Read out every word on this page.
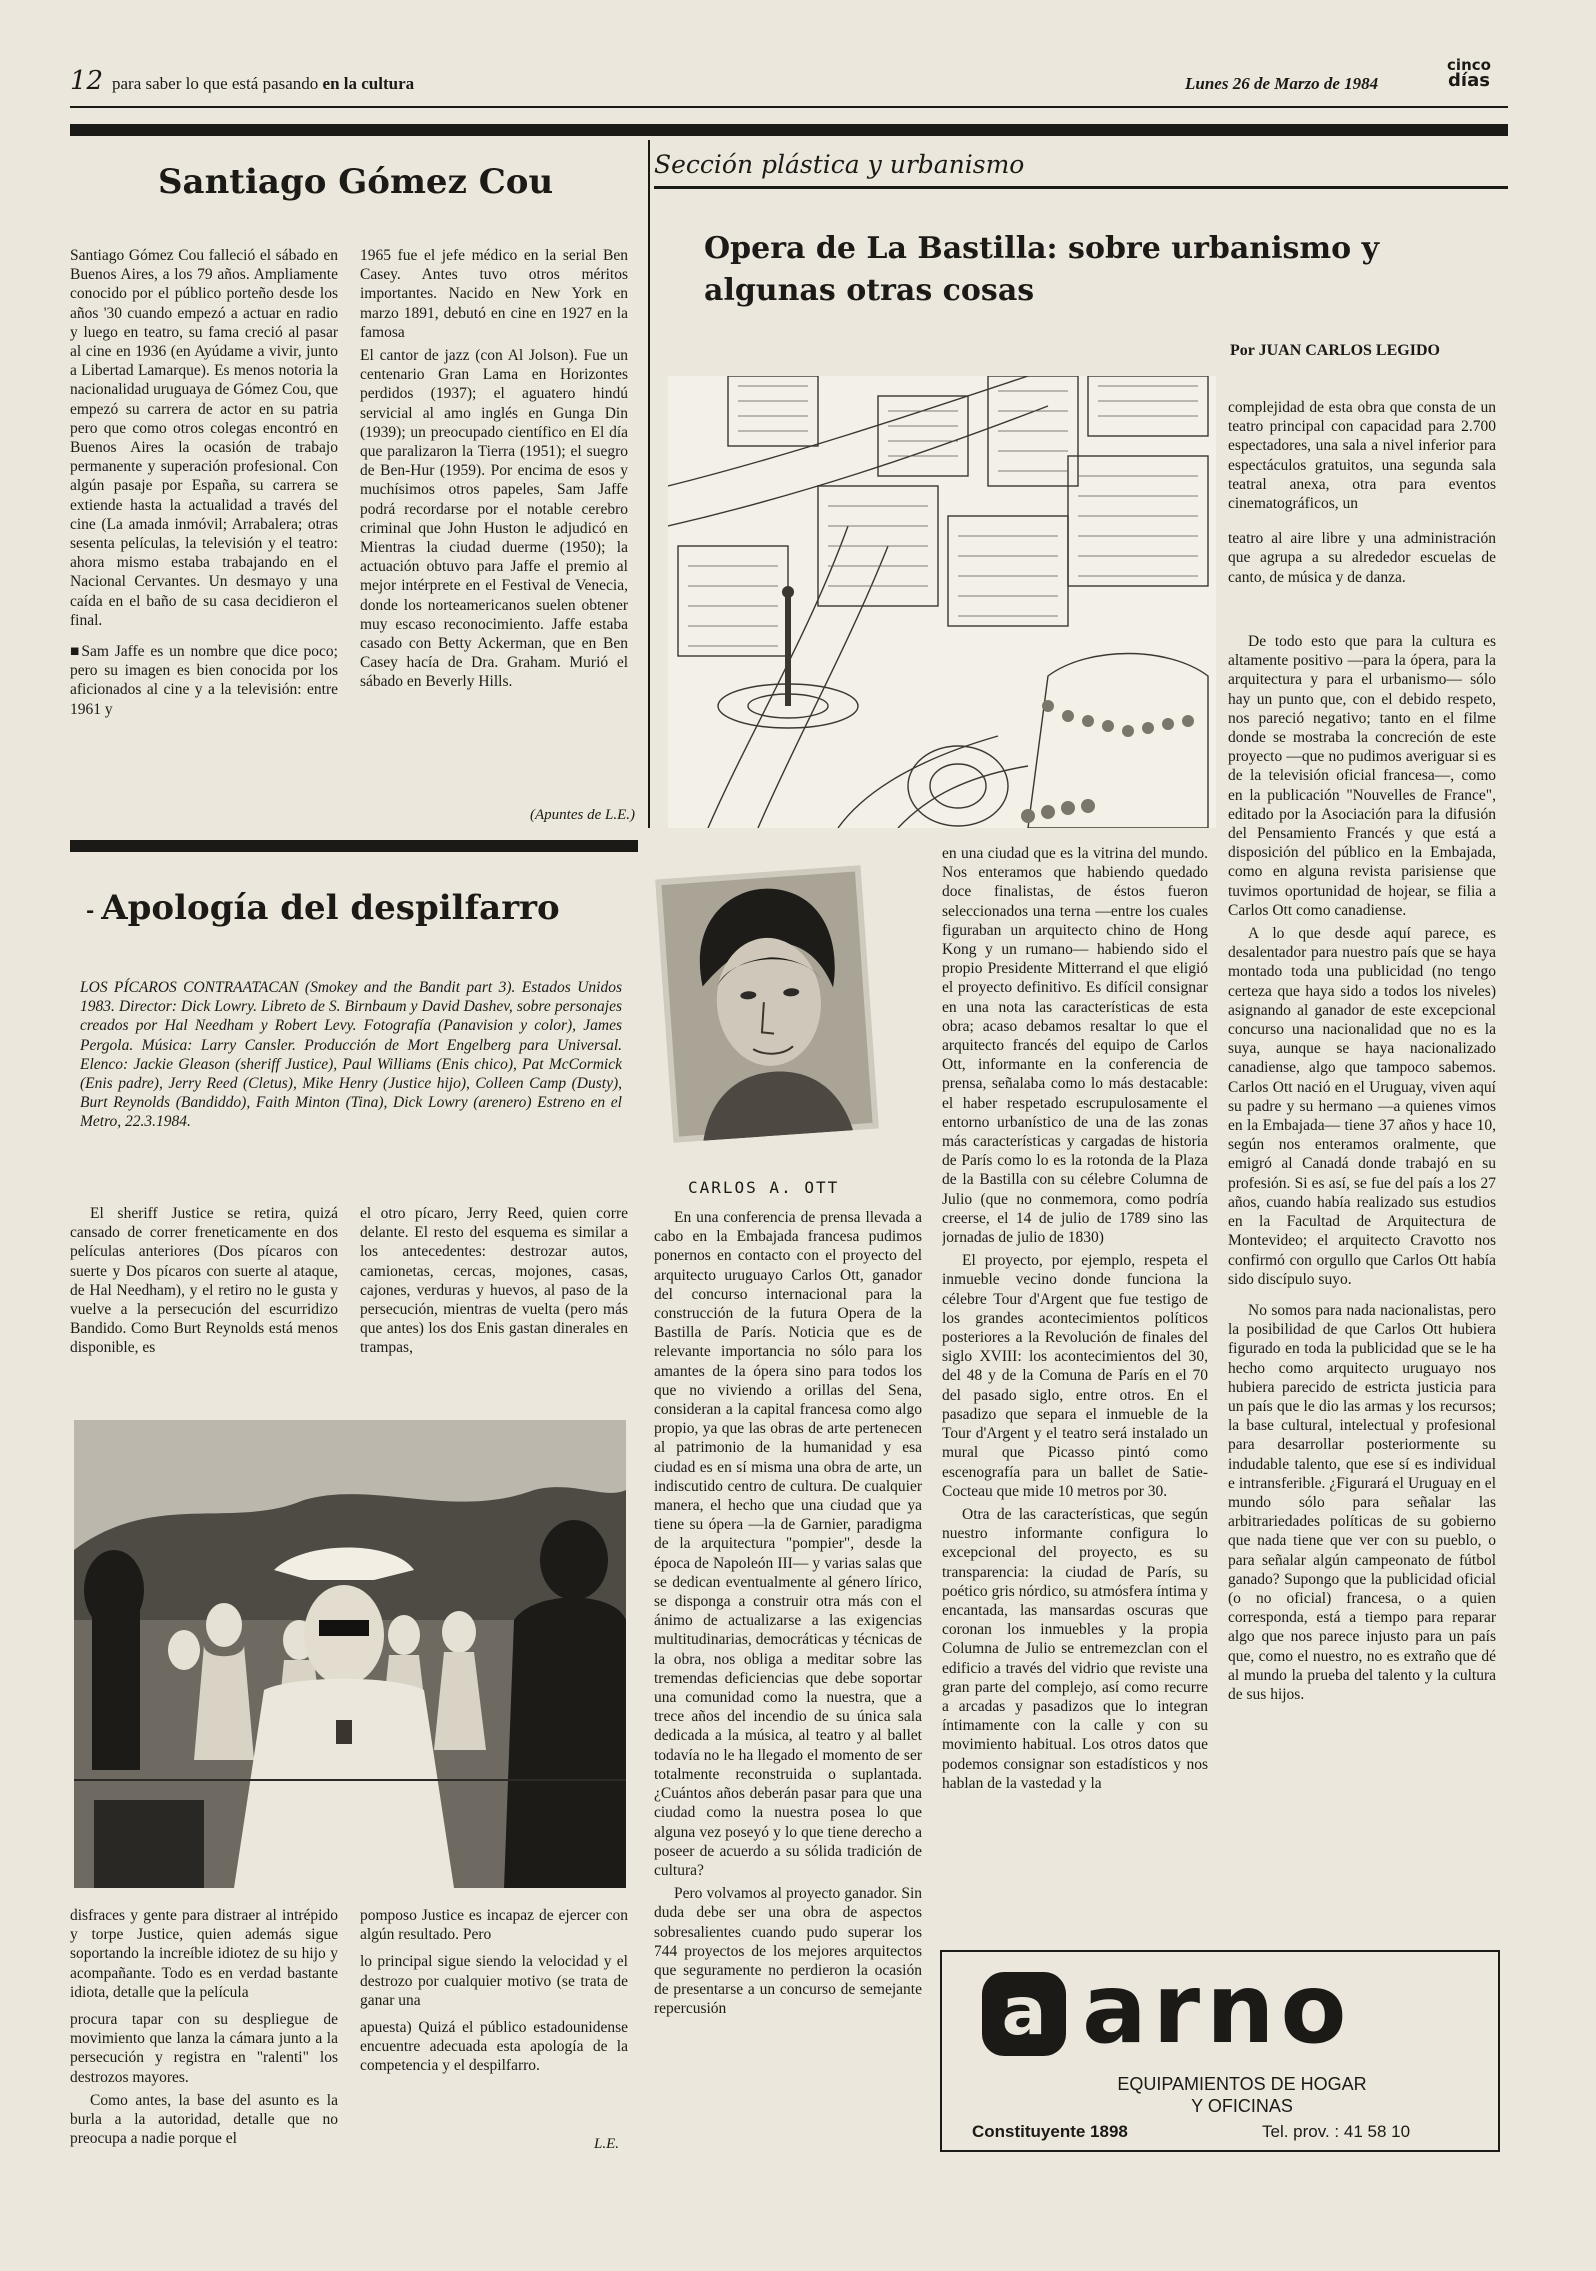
12 para saber lo que está pasando en la cultura	Lunes 26 de Marzo de 1984
cinco
días
Santiago Gómez Cou

Santiago Gómez Cou falleció el sábado en Buenos Aires, a los 79 años. Ampliamente conocido por el público porteño desde los años '30 cuando empezó a actuar en radio y luego en teatro, su fama creció al pasar al cine en 1936 (en Ayúdame a vivir, junto a Libertad Lamarque). Es menos notoria la nacionalidad uruguaya de Gómez Cou, que empezó su carrera de actor en su patria pero que como otros colegas encontró en Buenos Aires la ocasión de trabajo permanente y superación profesional. Con algún pasaje por España, su carrera se extiende hasta la actualidad a través del cine (La amada inmóvil; Arrabalera; otras sesenta películas, la televisión y el teatro: ahora mismo estaba trabajando en el Nacional Cervantes. Un desmayo y una caída en el baño de su casa decidieron el final.

■Sam Jaffe es un nombre que dice poco; pero su imagen es bien conocida por los aficionados al cine y a la televisión: entre 1961 y

1965 fue el jefe médico en la serial Ben Casey. Antes tuvo otros méritos importantes. Nacido en New York en marzo 1891, debutó en cine en 1927 en la famosa

El cantor de jazz (con Al Jolson). Fue un centenario Gran Lama en Horizontes perdidos (1937); el aguatero hindú servicial al amo inglés en Gunga Din (1939); un preocupado científico en El día que paralizaron la Tierra (1951); el suegro de Ben-Hur (1959). Por encima de esos y muchísimos otros papeles, Sam Jaffe podrá recordarse por el notable cerebro criminal que John Huston le adjudicó en Mientras la ciudad duerme (1950); la actuación obtuvo para Jaffe el premio al mejor intérprete en el Festival de Venecia, donde los norteamericanos suelen obtener muy escaso reconocimiento. Jaffe estaba casado con Betty Ackerman, que en Ben Casey hacía de Dra. Graham. Murió el sábado en Beverly Hills.

(Apuntes de L.E.)
Sección plástica y urbanismo
Opera de La Bastilla: sobre urbanismo y algunas otras cosas
Por JUAN CARLOS LEGIDO

complejidad de esta obra que consta de un teatro principal con capacidad para 2.700 espectadores, una sala a nivel inferior para espectáculos gratuitos, una segunda sala teatral anexa, otra para eventos cinematográficos, un

teatro al aire libre y una administración que agrupa a su alrededor escuelas de canto, de música y de danza.

De todo esto que para la cultura es altamente positivo —para la ópera, para la arquitectura y para el urbanismo— sólo hay un punto que, con el debido respeto, nos pareció negativo; tanto en el filme donde se mostraba la concreción de este proyecto —que no pudimos averiguar si es de la televisión oficial francesa—, como en la publicación "Nouvelles de France", editado por la Asociación para la difusión del Pensamiento Francés y que está a disposición del público en la Embajada, como en alguna revista parisiense que tuvimos oportunidad de hojear, se filia a Carlos Ott como canadiense.

A lo que desde aquí parece, es desalentador para nuestro país que se haya montado toda una publicidad (no tengo certeza que haya sido a todos los niveles) asignando al ganador de este excepcional concurso una nacionalidad que no es la suya, aunque se haya nacionalizado canadiense, algo que tampoco sabemos. Carlos Ott nació en el Uruguay, viven aquí su padre y su hermano —a quienes vimos en la Embajada— tiene 37 años y hace 10, según nos enteramos oralmente, que emigró al Canadá donde trabajó en su profesión. Si es así, se fue del país a los 27 años, cuando había realizado sus estudios en la Facultad de Arquitectura de Montevideo; el arquitecto Cravotto nos confirmó con orgullo que Carlos Ott había sido discípulo suyo.

No somos para nada nacionalistas, pero la posibilidad de que Carlos Ott hubiera figurado en toda la publicidad que se le ha hecho como arquitecto uruguayo nos hubiera parecido de estricta justicia para un país que le dio las armas y los recursos; la base cultural, intelectual y profesional para desarrollar posteriormente su indudable talento, que ese sí es individual e intransferible. ¿Figurará el Uruguay en el mundo sólo para señalar las arbitrariedades políticas de su gobierno que nada tiene que ver con su pueblo, o para señalar algún campeonato de fútbol ganado? Supongo que la publicidad oficial (o no oficial) francesa, o a quien corresponda, está a tiempo para reparar algo que nos parece injusto para un país que, como el nuestro, no es extraño que dé al mundo la prueba del talento y la cultura de sus hijos.

CARLOS A. OTT

En una conferencia de prensa llevada a cabo en la Embajada francesa pudimos ponernos en contacto con el proyecto del arquitecto uruguayo Carlos Ott, ganador del concurso internacional para la construcción de la futura Opera de la Bastilla de París. Noticia que es de relevante importancia no sólo para los amantes de la ópera sino para todos los que no viviendo a orillas del Sena, consideran a la capital francesa como algo propio, ya que las obras de arte pertenecen al patrimonio de la humanidad y esa ciudad es en sí misma una obra de arte, un indiscutido centro de cultura. De cualquier manera, el hecho que una ciudad que ya tiene su ópera —la de Garnier, paradigma de la arquitectura "pompier", desde la época de Napoleón III— y varias salas que se dedican eventualmente al género lírico, se disponga a construir otra más con el ánimo de actualizarse a las exigencias multitudinarias, democráticas y técnicas de la obra, nos obliga a meditar sobre las tremendas deficiencias que debe soportar una comunidad como la nuestra, que a trece años del incendio de su única sala dedicada a la música, al teatro y al ballet todavía no le ha llegado el momento de ser totalmente reconstruida o suplantada. ¿Cuántos años deberán pasar para que una ciudad como la nuestra posea lo que alguna vez poseyó y lo que tiene derecho a poseer de acuerdo a su sólida tradición de cultura?

Pero volvamos al proyecto ganador. Sin duda debe ser una obra de aspectos sobresalientes cuando pudo superar los 744 proyectos de los mejores arquitectos que seguramente no perdieron la ocasión de presentarse a un concurso de semejante repercusión

en una ciudad que es la vitrina del mundo. Nos enteramos que habiendo quedado doce finalistas, de éstos fueron seleccionados una terna —entre los cuales figuraban un arquitecto chino de Hong Kong y un rumano— habiendo sido el propio Presidente Mitterrand el que eligió el proyecto definitivo. Es difícil consignar en una nota las características de esta obra; acaso debamos resaltar lo que el arquitecto francés del equipo de Carlos Ott, informante en la conferencia de prensa, señalaba como lo más destacable: el haber respetado escrupulosamente el entorno urbanístico de una de las zonas más características y cargadas de historia de París como lo es la rotonda de la Plaza de la Bastilla con su célebre Columna de Julio (que no conmemora, como podría creerse, el 14 de julio de 1789 sino las jornadas de julio de 1830)

El proyecto, por ejemplo, respeta el inmueble vecino donde funciona la célebre Tour d'Argent que fue testigo de los grandes acontecimientos políticos posteriores a la Revolución de finales del siglo XVIII: los acontecimientos del 30, del 48 y de la Comuna de París en el 70 del pasado siglo, entre otros. En el pasadizo que separa el inmueble de la Tour d'Argent y el teatro será instalado un mural que Picasso pintó como escenografía para un ballet de Satie-Cocteau que mide 10 metros por 30.

Otra de las características, que según nuestro informante configura lo excepcional del proyecto, es su transparencia: la ciudad de París, su poético gris nórdico, su atmósfera íntima y encantada, las mansardas oscuras que coronan los inmuebles y la propia Columna de Julio se entremezclan con el edificio a través del vidrio que reviste una gran parte del complejo, así como recurre a arcadas y pasadizos que lo integran íntimamente con la calle y con su movimiento habitual. Los otros datos que podemos consignar son estadísticos y nos hablan de la vastedad y la

- Apología del despilfarro
LOS PÍCAROS CONTRAATACAN (Smokey and the Bandit part 3). Estados Unidos 1983. Director: Dick Lowry. Libreto de S. Birnbaum y David Dashev, sobre personajes creados por Hal Needham y Robert Levy. Fotografía (Panavision y color), James Pergola. Música: Larry Cansler. Producción de Mort Engelberg para Universal. Elenco: Jackie Gleason (sheriff Justice), Paul Williams (Enis chico), Pat McCormick (Enis padre), Jerry Reed (Cletus), Mike Henry (Justice hijo), Colleen Camp (Dusty), Burt Reynolds (Bandiddo), Faith Minton (Tina), Dick Lowry (arenero) Estreno en el Metro, 22.3.1984.

El sheriff Justice se retira, quizá cansado de correr freneticamente en dos películas anteriores (Dos pícaros con suerte y Dos pícaros con suerte al ataque, de Hal Needham), y el retiro no le gusta y vuelve a la persecución del escurridizo Bandido. Como Burt Reynolds está menos disponible, es

el otro pícaro, Jerry Reed, quien corre delante. El resto del esquema es similar a los antecedentes: destrozar autos, camionetas, cercas, mojones, casas, cajones, verduras y huevos, al paso de la persecución, mientras de vuelta (pero más que antes) los dos Enis gastan dineralеs en trampas,

disfraces y gente para distraer al intrépido y torpe Justice, quien además sigue soportando la increíble idiotez de su hijo y acompañante. Todo es en verdad bastante idiota, detalle que la película

procura tapar con su despliegue de movimiento que lanza la cámara junto a la persecución y registra en "ralenti" los destrozos mayores.

Como antes, la base del asunto es la burla a la autoridad, detalle que no preocupa a nadie porque el

pomposo Justice es incapaz de ejercer con algún resultado. Pero

lo principal sigue siendo la velocidad y el destrozo por cualquier motivo (se trata de ganar una

apuesta) Quizá el público estadounidense encuentre adecuada esta apología de la competencia y el despilfarro.

L.E.
a arno
EQUIPAMIENTOS DE HOGAR
Y OFICINAS
Constituyente 1898	Tel. prov. : 41 58 10
